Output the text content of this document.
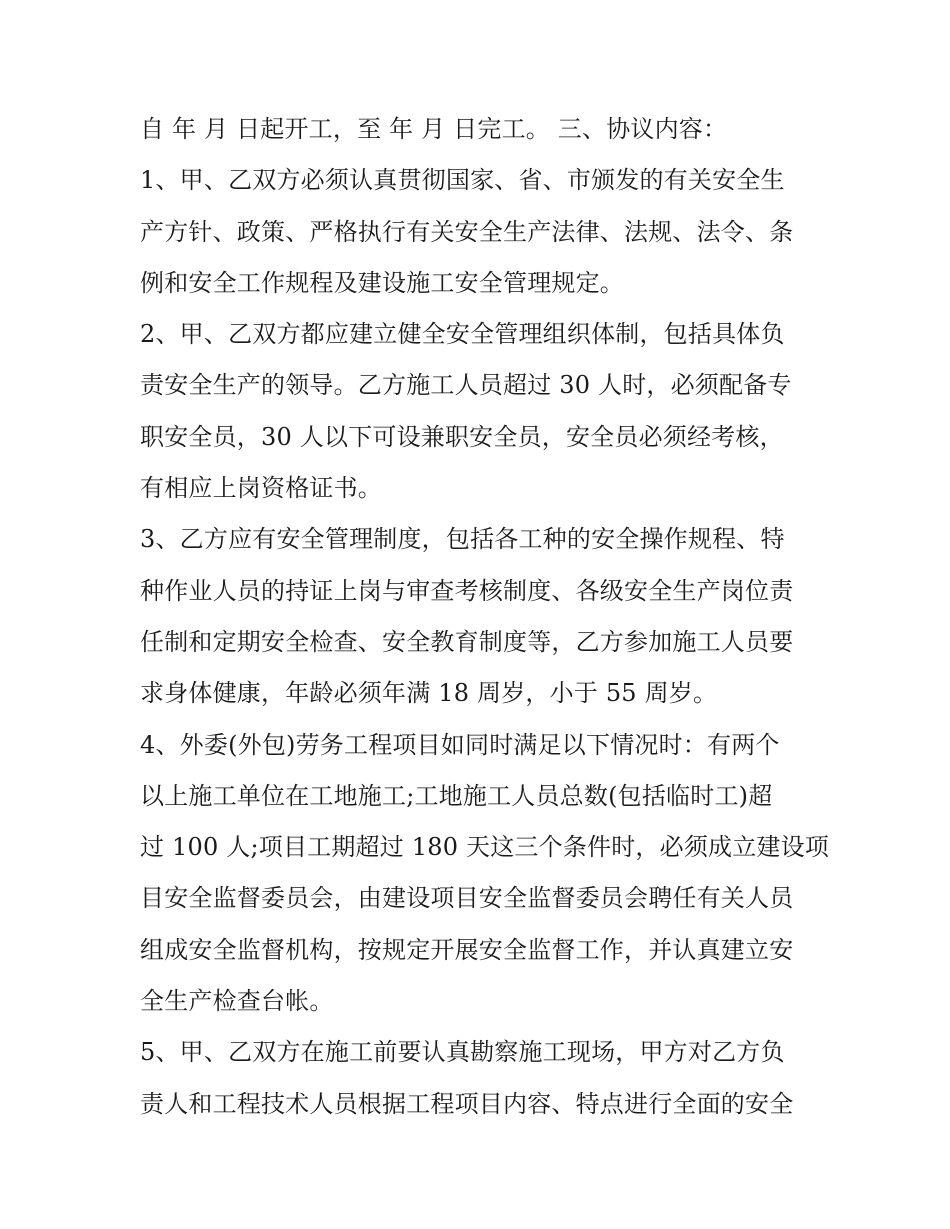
自 年 月 日起开工，至 年 月 日完工。 三、协议内容：
1、甲、乙双方必须认真贯彻国家、省、市颁发的有关安全生
产方针、政策、严格执行有关安全生产法律、法规、法令、条
例和安全工作规程及建设施工安全管理规定。
2、甲、乙双方都应建立健全安全管理组织体制，包括具体负
责安全生产的领导。乙方施工人员超过 30 人时，必须配备专
职安全员，30 人以下可设兼职安全员，安全员必须经考核，
有相应上岗资格证书。
3、乙方应有安全管理制度，包括各工种的安全操作规程、特
种作业人员的持证上岗与审查考核制度、各级安全生产岗位责
任制和定期安全检查、安全教育制度等，乙方参加施工人员要
求身体健康，年龄必须年满 18 周岁，小于 55 周岁。
4、外委(外包)劳务工程项目如同时满足以下情况时：有两个
以上施工单位在工地施工;工地施工人员总数(包括临时工)超
过 100 人;项目工期超过 180 天这三个条件时，必须成立建设项
目安全监督委员会，由建设项目安全监督委员会聘任有关人员
组成安全监督机构，按规定开展安全监督工作，并认真建立安
全生产检查台帐。
5、甲、乙双方在施工前要认真勘察施工现场，甲方对乙方负
责人和工程技术人员根据工程项目内容、特点进行全面的安全
